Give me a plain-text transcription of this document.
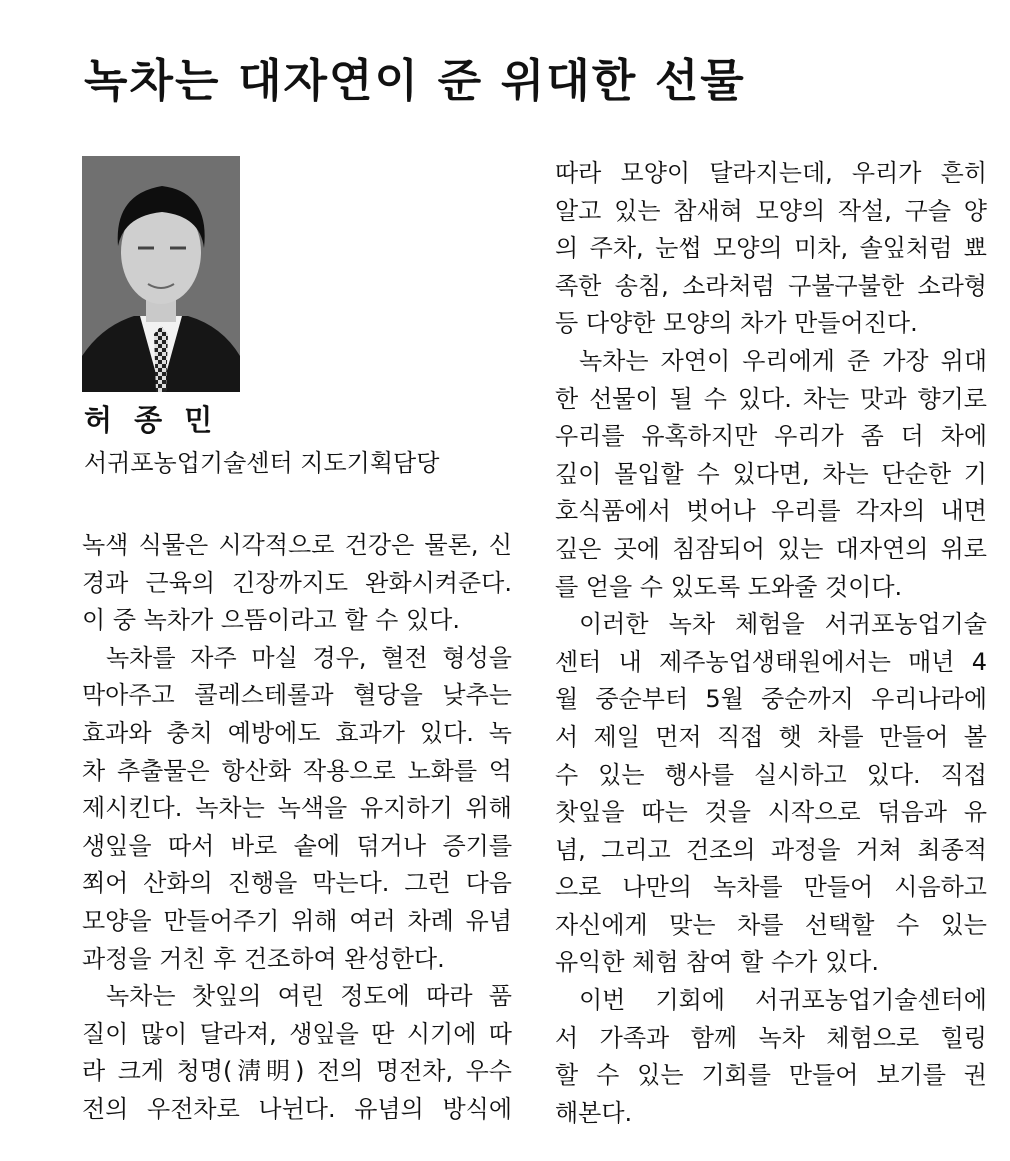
녹차는 대자연이 준 위대한 선물
허 종 민
서귀포농업기술센터 지도기획담당
녹색 식물은 시각적으로 건강은 물론, 신
경과 근육의 긴장까지도 완화시켜준다.
이 중 녹차가 으뜸이라고 할 수 있다.
녹차를 자주 마실 경우, 혈전 형성을
막아주고 콜레스테롤과 혈당을 낮추는
효과와 충치 예방에도 효과가 있다. 녹
차 추출물은 항산화 작용으로 노화를 억
제시킨다. 녹차는 녹색을 유지하기 위해
생잎을 따서 바로 솥에 덖거나 증기를
쬐어 산화의 진행을 막는다. 그런 다음
모양을 만들어주기 위해 여러 차례 유념
과정을 거친 후 건조하여 완성한다.
녹차는 찻잎의 여린 정도에 따라 품
질이 많이 달라져, 생잎을 딴 시기에 따
라 크게 청명(淸明) 전의 명전차, 우수
전의 우전차로 나뉜다. 유념의 방식에
따라 모양이 달라지는데, 우리가 흔히
알고 있는 참새혀 모양의 작설, 구슬 양
의 주차, 눈썹 모양의 미차, 솔잎처럼 뾰
족한 송침, 소라처럼 구불구불한 소라형
등 다양한 모양의 차가 만들어진다.
녹차는 자연이 우리에게 준 가장 위대
한 선물이 될 수 있다. 차는 맛과 향기로
우리를 유혹하지만 우리가 좀 더 차에
깊이 몰입할 수 있다면, 차는 단순한 기
호식품에서 벗어나 우리를 각자의 내면
깊은 곳에 침잠되어 있는 대자연의 위로
를 얻을 수 있도록 도와줄 것이다.
이러한 녹차 체험을 서귀포농업기술
센터 내 제주농업생태원에서는 매년 4
월 중순부터 5월 중순까지 우리나라에
서 제일 먼저 직접 햇 차를 만들어 볼
수 있는 행사를 실시하고 있다. 직접
찻잎을 따는 것을 시작으로 덖음과 유
념, 그리고 건조의 과정을 거쳐 최종적
으로 나만의 녹차를 만들어 시음하고
자신에게 맞는 차를 선택할 수 있는
유익한 체험 참여 할 수가 있다.
이번 기회에 서귀포농업기술센터에
서 가족과 함께 녹차 체험으로 힐링
할 수 있는 기회를 만들어 보기를 권
해본다.
